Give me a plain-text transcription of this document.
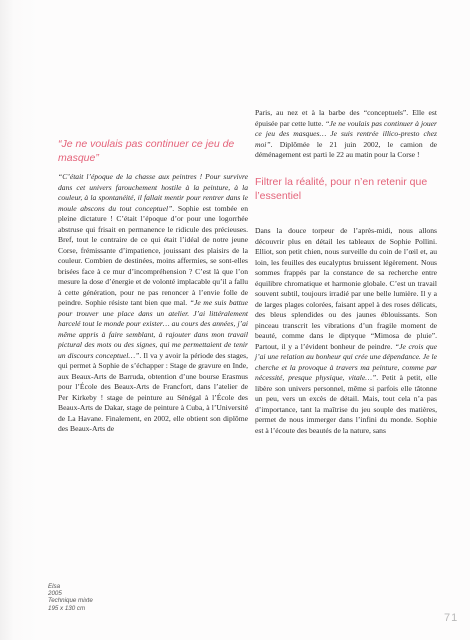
“Je ne voulais pas continuer ce jeu de masque”

“C’était l’époque de la chasse aux peintres ! Pour survivre dans cet univers farouchement hostile à la peinture, à la couleur, à la spontanéité, il fallait mentir pour rentrer dans le moule abscons du tout conceptuel”. Sophie est tombée en pleine dictature ! C’était l’époque d’or pour une logorrhée abstruse qui frisait en permanence le ridicule des précieuses. Bref, tout le contraire de ce qui était l’idéal de notre jeune Corse, frémissante d’impatience, jouissant des plaisirs de la couleur. Combien de destinées, moins affermies, se sont-elles brisées face à ce mur d’incompréhension ? C’est là que l’on mesure la dose d’énergie et de volonté implacable qu’il a fallu à cette génération, pour ne pas renoncer à l’envie folle de peindre. Sophie résiste tant bien que mal. “Je me suis battue pour trouver une place dans un atelier. J’ai littéralement harcelé tout le monde pour exister… au cours des années, j’ai même appris à faire semblant, à rajouter dans mon travail pictural des mots ou des signes, qui me permettaient de tenir un discours conceptuel…”. Il va y avoir la période des stages, qui permet à Sophie de s’échapper : Stage de gravure en Inde, aux Beaux-Arts de Barruda, obtention d’une bourse Erasmus pour l’École des Beaux-Arts de Francfort, dans l’atelier de Per Kirkeby ! stage de peinture au Sénégal à l’École des Beaux-Arts de Dakar, stage de peinture à Cuba, à l’Université de La Havane. Finalement, en 2002, elle obtient son diplôme des Beaux-Arts de

Paris, au nez et à la barbe des “conceptuels”. Elle est épuisée par cette lutte. “Je ne voulais pas continuer à jouer ce jeu des masques… Je suis rentrée illico-presto chez moi”. Diplômée le 21 juin 2002, le camion de déménagement est parti le 22 au matin pour la Corse !

Filtrer la réalité, pour n’en retenir que l’essentiel

Dans la douce torpeur de l’après-midi, nous allons découvrir plus en détail les tableaux de Sophie Pollini. Elliot, son petit chien, nous surveille du coin de l’œil et, au loin, les feuilles des eucalyptus bruissent légèrement. Nous sommes frappés par la constance de sa recherche entre équilibre chromatique et harmonie globale. C’est un travail souvent subtil, toujours irradié par une belle lumière. Il y a de larges plages colorées, faisant appel à des roses délicats, des bleus splendides ou des jaunes éblouissants. Son pinceau transcrit les vibrations d’un fragile moment de beauté, comme dans le diptyque “Mimosa de pluie”. Partout, il y a l’évident bonheur de peindre. “Je crois que j’ai une relation au bonheur qui crée une dépendance. Je le cherche et la provoque à travers ma peinture, comme par nécessité, presque physique, vitale…”. Petit à petit, elle libère son univers personnel, même si parfois elle tâtonne un peu, vers un excès de détail. Mais, tout cela n’a pas d’importance, tant la maîtrise du jeu souple des matières, permet de nous immerger dans l’infini du monde. Sophie est à l’écoute des beautés de la nature, sans

Elsa
2005
Technique mixte
195 x 130 cm
71
